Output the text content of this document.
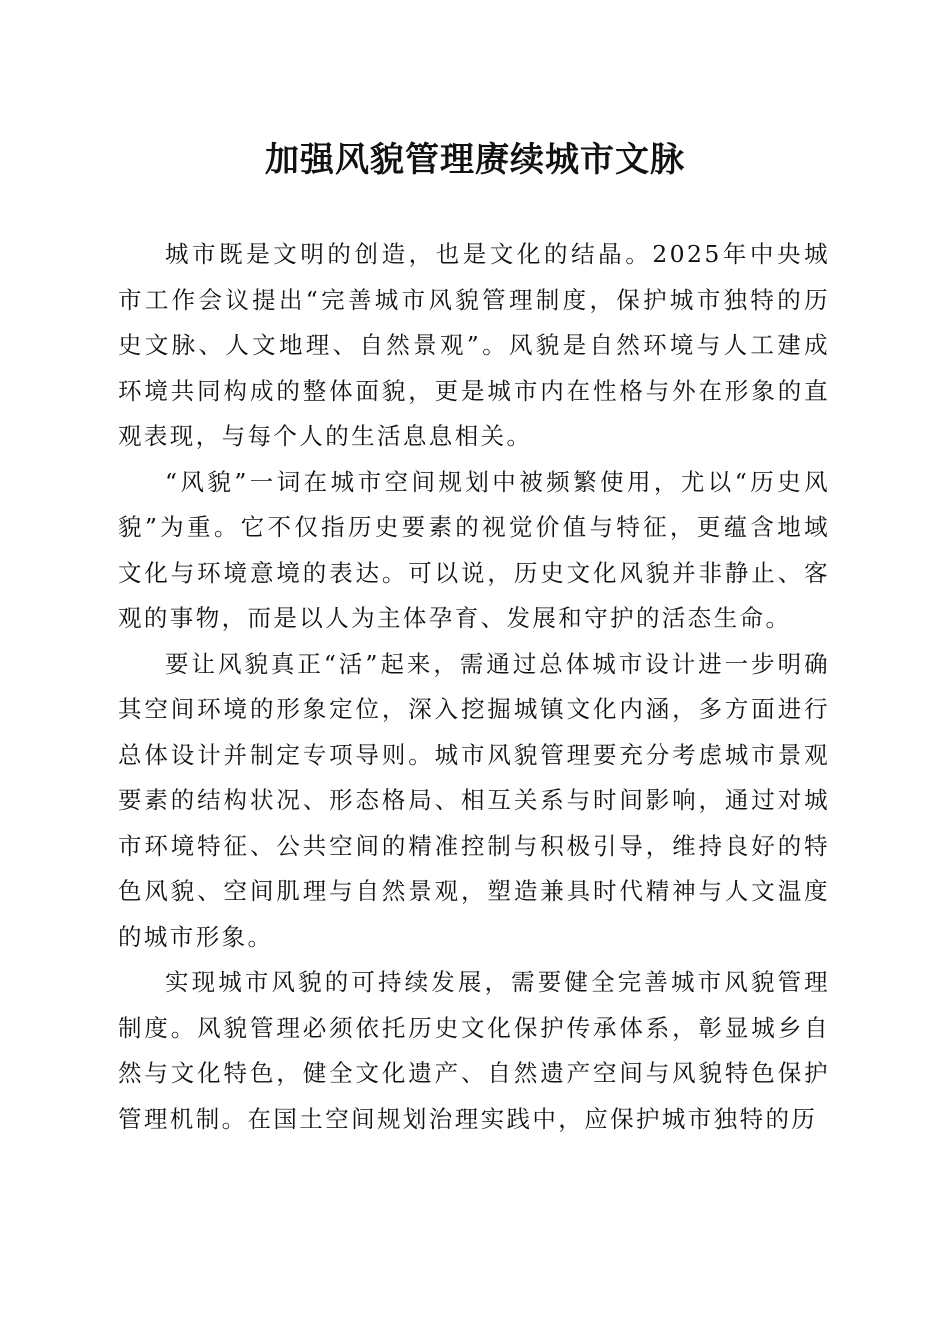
加强风貌管理赓续城市文脉

城市既是文明的创造，也是文化的结晶。2025年中央城市工作会议提出“完善城市风貌管理制度，保护城市独特的历史文脉、人文地理、自然景观”。风貌是自然环境与人工建成环境共同构成的整体面貌，更是城市内在性格与外在形象的直观表现，与每个人的生活息息相关。

“风貌”一词在城市空间规划中被频繁使用，尤以“历史风貌”为重。它不仅指历史要素的视觉价值与特征，更蕴含地域文化与环境意境的表达。可以说，历史文化风貌并非静止、客观的事物，而是以人为主体孕育、发展和守护的活态生命。

要让风貌真正“活”起来，需通过总体城市设计进一步明确其空间环境的形象定位，深入挖掘城镇文化内涵，多方面进行总体设计并制定专项导则。城市风貌管理要充分考虑城市景观要素的结构状况、形态格局、相互关系与时间影响，通过对城市环境特征、公共空间的精准控制与积极引导，维持良好的特色风貌、空间肌理与自然景观，塑造兼具时代精神与人文温度的城市形象。

实现城市风貌的可持续发展，需要健全完善城市风貌管理制度。风貌管理必须依托历史文化保护传承体系，彰显城乡自然与文化特色，健全文化遗产、自然遗产空间与风貌特色保护管理机制。在国土空间规划治理实践中，应保护城市独特的历
